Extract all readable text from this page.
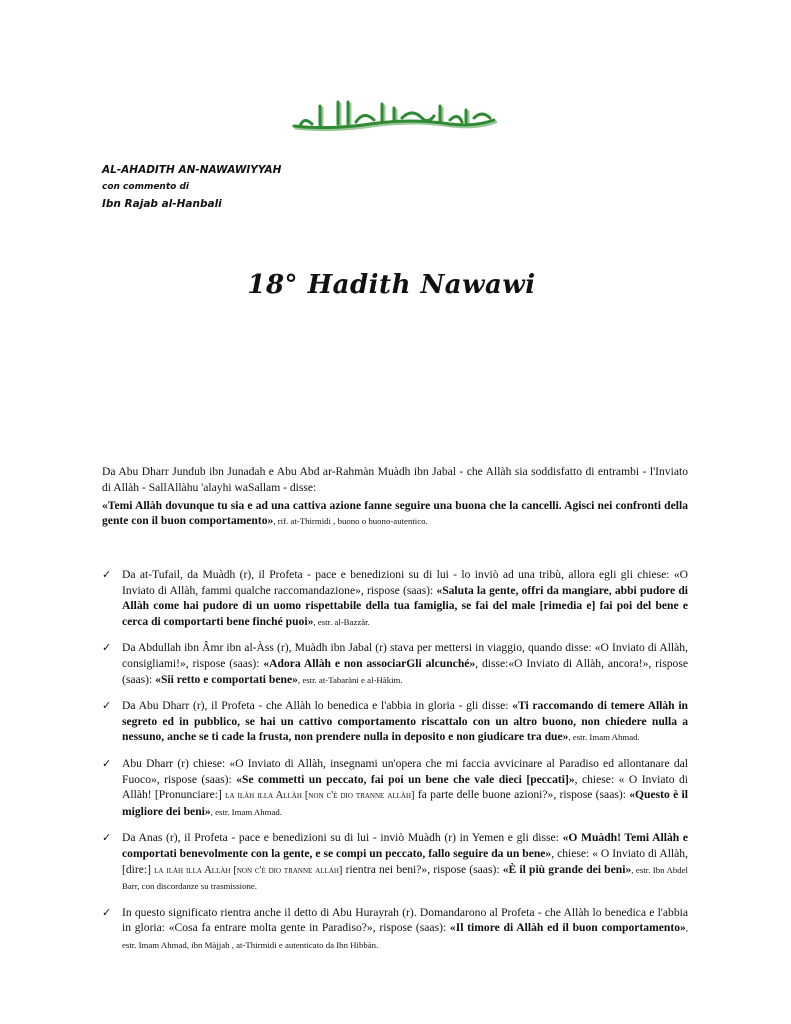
AL-AHADITH AN-NAWAWIYYAH
con commento di
Ibn Rajab al-Hanbali
18° Hadith Nawawi

Da Abu Dharr Jundub ibn Junadah e Abu Abd ar-Rahmàn Muàdh ibn Jabal - che Allàh sia soddisfatto di entrambi - l'Inviato di Allàh - SallAllàhu 'alayhi waSallam - disse:

«Temi Allàh dovunque tu sia e ad una cattiva azione fanne seguire una buona che la cancelli. Agisci nei confronti della gente con il buon comportamento», rif. at-Thirmidi , buono o buono-autentico.

✓ Da at-Tufail, da Muàdh (r), il Profeta - pace e benedizioni su di lui - lo inviò ad una tribù, allora egli gli chiese: «O Inviato di Allàh, fammi qualche raccomandazione», rispose (saas): «Saluta la gente, offri da mangiare, abbi pudore di Allàh come hai pudore di un uomo rispettabile della tua famiglia, se fai del male [rimedia e] fai poi del bene e cerca di comportarti bene finché puoi», estr. al-Bazzàr.
✓ Da Abdullah ibn Âmr ibn al-Àss (r), Muàdh ibn Jabal (r) stava per mettersi in viaggio, quando disse: «O Inviato di Allàh, consigliami!», rispose (saas): «Adora Allàh e non associarGli alcunché», disse:«O Inviato di Allàh, ancora!», rispose (saas): «Sii retto e comportati bene», estr. at-Tabaràni e al-Hàkim.
✓ Da Abu Dharr (r), il Profeta - che Allàh lo benedica e l'abbia in gloria - gli disse: «Ti raccomando di temere Allàh in segreto ed in pubblico, se hai un cattivo comportamento riscattalo con un altro buono, non chiedere nulla a nessuno, anche se ti cade la frusta, non prendere nulla in deposito e non giudicare tra due», estr. Imam Ahmad.
✓ Abu Dharr (r) chiese: «O Inviato di Allàh, insegnami un'opera che mi faccia avvicinare al Paradiso ed allontanare dal Fuoco», rispose (saas): «Se commetti un peccato, fai poi un bene che vale dieci [peccati]», chiese: « O Inviato di Allàh! [Pronunciare:] la ilàh illa Allàh [non c'è dio tranne allàh] fa parte delle buone azioni?», rispose (saas): «Questo è il migliore dei beni», estr. Imam Ahmad.
✓ Da Anas (r), il Profeta - pace e benedizioni su di lui - inviò Muàdh (r) in Yemen e gli disse: «O Muàdh! Temi Allàh e comportati benevolmente con la gente, e se compi un peccato, fallo seguire da un bene», chiese: « O Inviato di Allàh, [dire:] la ilàh illa Allàh [non c'è dio tranne allàh] rientra nei beni?», rispose (saas): «È il più grande dei beni», estr. Ibn Abdel Barr, con discordanze su trasmissione.
✓ In questo significato rientra anche il detto di Abu Hurayrah (r). Domandarono al Profeta - che Allàh lo benedica e l'abbia in gloria: «Cosa fa entrare molta gente in Paradiso?», rispose (saas): «Il timore di Allàh ed il buon comportamento», estr. Imam Ahmad, ibn Màjjah , at-Thirmidi e autenticato da Ibn Hibbàn.
